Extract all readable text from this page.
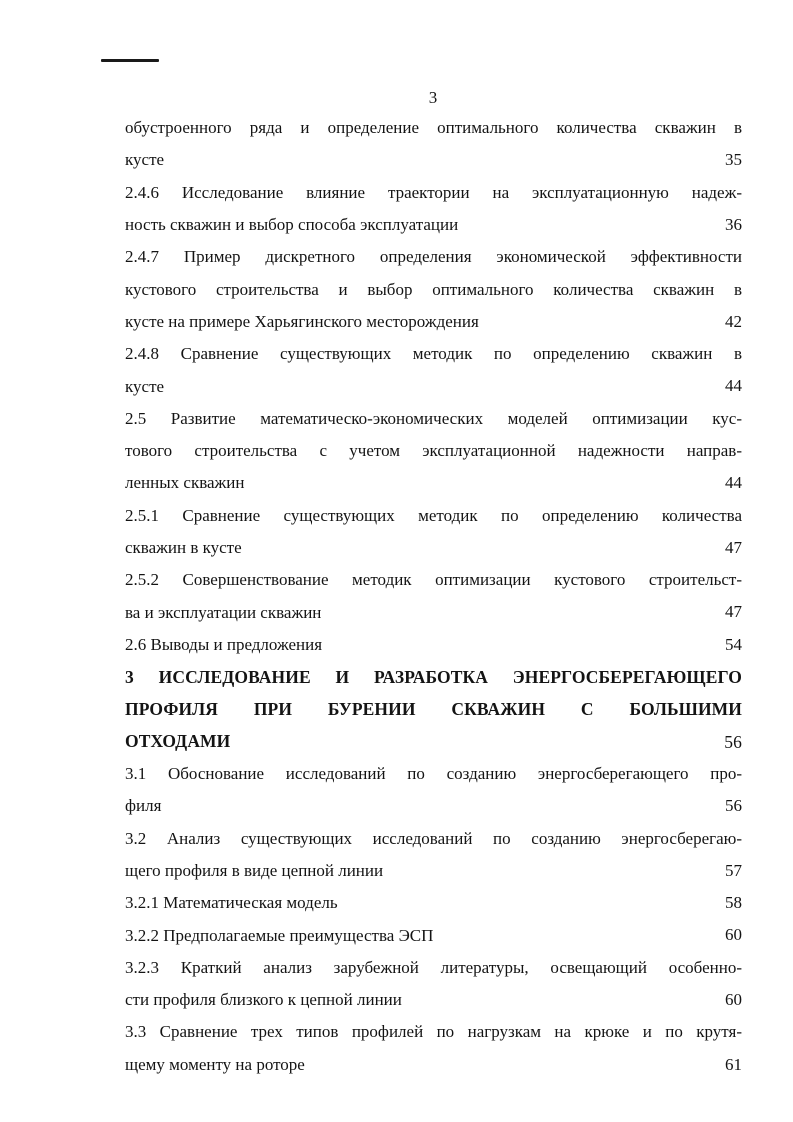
3
обустроенного ряда и определение оптимального количества скважин в
кусте	35
2.4.6 Исследование влияние траектории на эксплуатационную надеж-
ность скважин и выбор способа эксплуатации	36
2.4.7 Пример дискретного определения экономической эффективности
кустового строительства и выбор оптимального количества скважин в
кусте на примере Харьягинского месторождения	42
2.4.8 Сравнение существующих методик по определению скважин в
кусте	44
2.5 Развитие математическо-экономических моделей оптимизации кус-
тового строительства с учетом эксплуатационной надежности направ-
ленных скважин	44
2.5.1 Сравнение существующих методик по определению количества
скважин в кусте	47
2.5.2 Совершенствование методик оптимизации кустового строительст-
ва и эксплуатации скважин	47
2.6 Выводы и предложения	54
3 ИССЛЕДОВАНИЕ И РАЗРАБОТКА ЭНЕРГОСБЕРЕГАЮЩЕГО
ПРОФИЛЯ ПРИ БУРЕНИИ СКВАЖИН С БОЛЬШИМИ
ОТХОДАМИ	56
3.1 Обоснование исследований по созданию энергосберегающего про-
филя	56
3.2 Анализ существующих исследований по созданию энергосберегаю-
щего профиля в виде цепной линии	57
3.2.1 Математическая модель	58
3.2.2 Предполагаемые преимущества ЭСП	60
3.2.3 Краткий анализ зарубежной литературы, освещающий особенно-
сти профиля близкого к цепной линии	60
3.3 Сравнение трех типов профилей по нагрузкам на крюке и по крутя-
щему моменту на роторе	61
